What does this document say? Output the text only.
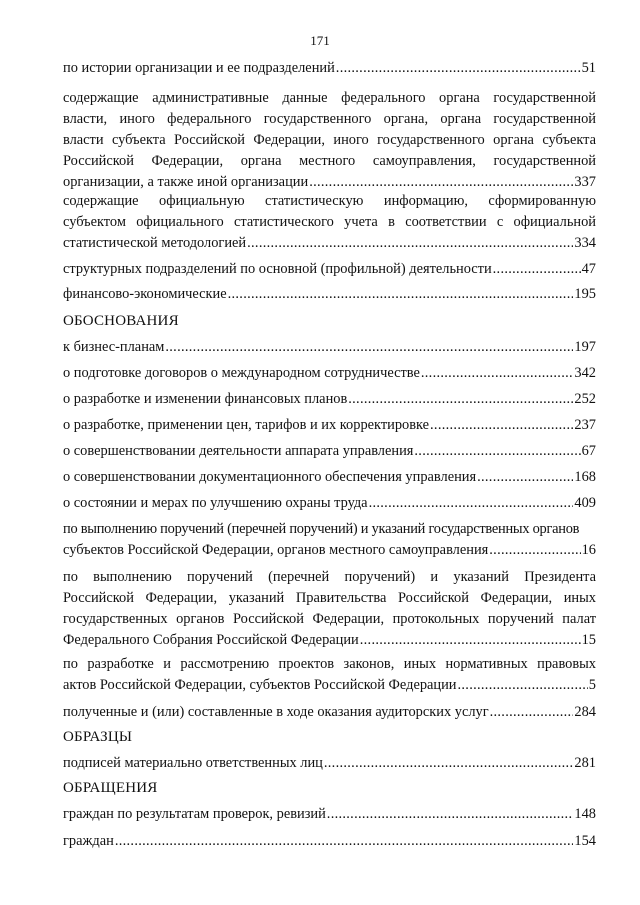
171
по истории организации и ее подразделений .....	51
содержащие административные данные федерального органа государственной
власти, иного федерального государственного органа, органа государственной
власти субъекта Российской Федерации, иного государственного органа субъекта
Российской Федерации, органа местного самоуправления, государственной
организации, а также иной организации .....	337
содержащие официальную статистическую информацию, сформированную
субъектом официального статистического учета в соответствии с официальной
статистической методологией .....	334
структурных подразделений по основной (профильной) деятельности .....	47
финансово-экономические .....	195
ОБОСНОВАНИЯ
к бизнес-планам .....	197
о подготовке договоров о международном сотрудничестве .....	342
о разработке и изменении финансовых планов .....	252
о разработке, применении цен, тарифов и их корректировке .....	237
о совершенствовании деятельности аппарата управления .....	67
о совершенствовании документационного обеспечения управления .....	168
о состоянии и мерах по улучшению охраны труда .....	409
по выполнению поручений (перечней поручений) и указаний государственных органов
субъектов Российской Федерации, органов местного самоуправления .....	16
по выполнению поручений (перечней поручений) и указаний Президента
Российской Федерации, указаний Правительства Российской Федерации, иных
государственных органов Российской Федерации, протокольных поручений палат
Федерального Собрания Российской Федерации .....	15
по разработке и рассмотрению проектов законов, иных нормативных правовых
актов Российской Федерации, субъектов Российской Федерации .....	5
полученные и (или) составленные в ходе оказания аудиторских услуг .....	284
ОБРАЗЦЫ
подписей материально ответственных лиц .....	281
ОБРАЩЕНИЯ
граждан по результатам проверок, ревизий .....	148
граждан .....	154
